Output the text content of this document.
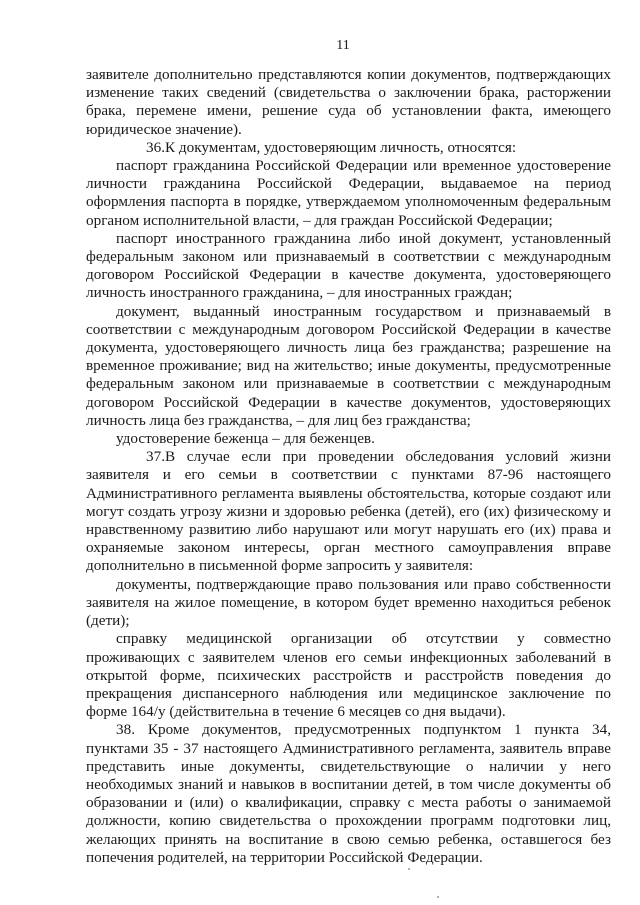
11

заявителе дополнительно представляются копии документов, подтверждающих изменение таких сведений (свидетельства о заключении брака, расторжении брака, перемене имени, решение суда об установлении факта, имеющего юридическое значение).

36.К документам, удостоверяющим личность, относятся:

паспорт гражданина Российской Федерации или временное удостоверение личности гражданина Российской Федерации, выдаваемое на период оформления паспорта в порядке, утверждаемом уполномоченным федеральным органом исполнительной власти, – для граждан Российской Федерации;

паспорт иностранного гражданина либо иной документ, установленный федеральным законом или признаваемый в соответствии с международным договором Российской Федерации в качестве документа, удостоверяющего личность иностранного гражданина, – для иностранных граждан;

документ, выданный иностранным государством и признаваемый в соответствии с международным договором Российской Федерации в качестве документа, удостоверяющего личность лица без гражданства; разрешение на временное проживание; вид на жительство; иные документы, предусмотренные федеральным законом или признаваемые в соответствии с международным договором Российской Федерации в качестве документов, удостоверяющих личность лица без гражданства, – для лиц без гражданства;

удостоверение беженца – для беженцев.

37.В случае если при проведении обследования условий жизни заявителя и его семьи в соответствии с пунктами 87-96 настоящего Административного регламента выявлены обстоятельства, которые создают или могут создать угрозу жизни и здоровью ребенка (детей), его (их) физическому и нравственному развитию либо нарушают или могут нарушать его (их) права и охраняемые законом интересы, орган местного самоуправления вправе дополнительно в письменной форме запросить у заявителя:

документы, подтверждающие право пользования или право собственности заявителя на жилое помещение, в котором будет временно находиться ребенок (дети);

справку медицинской организации об отсутствии у совместно проживающих с заявителем членов его семьи инфекционных заболеваний в открытой форме, психических расстройств и расстройств поведения до прекращения диспансерного наблюдения или медицинское заключение по форме 164/у (действительна в течение 6 месяцев со дня выдачи).

38. Кроме документов, предусмотренных подпунктом 1 пункта 34, пунктами 35 - 37 настоящего Административного регламента, заявитель вправе представить иные документы, свидетельствующие о наличии у него необходимых знаний и навыков в воспитании детей, в том числе документы об образовании и (или) о квалификации, справку с места работы о занимаемой должности, копию свидетельства о прохождении программ подготовки лиц, желающих принять на воспитание в свою семью ребенка, оставшегося без попечения родителей, на территории Российской Федерации.
